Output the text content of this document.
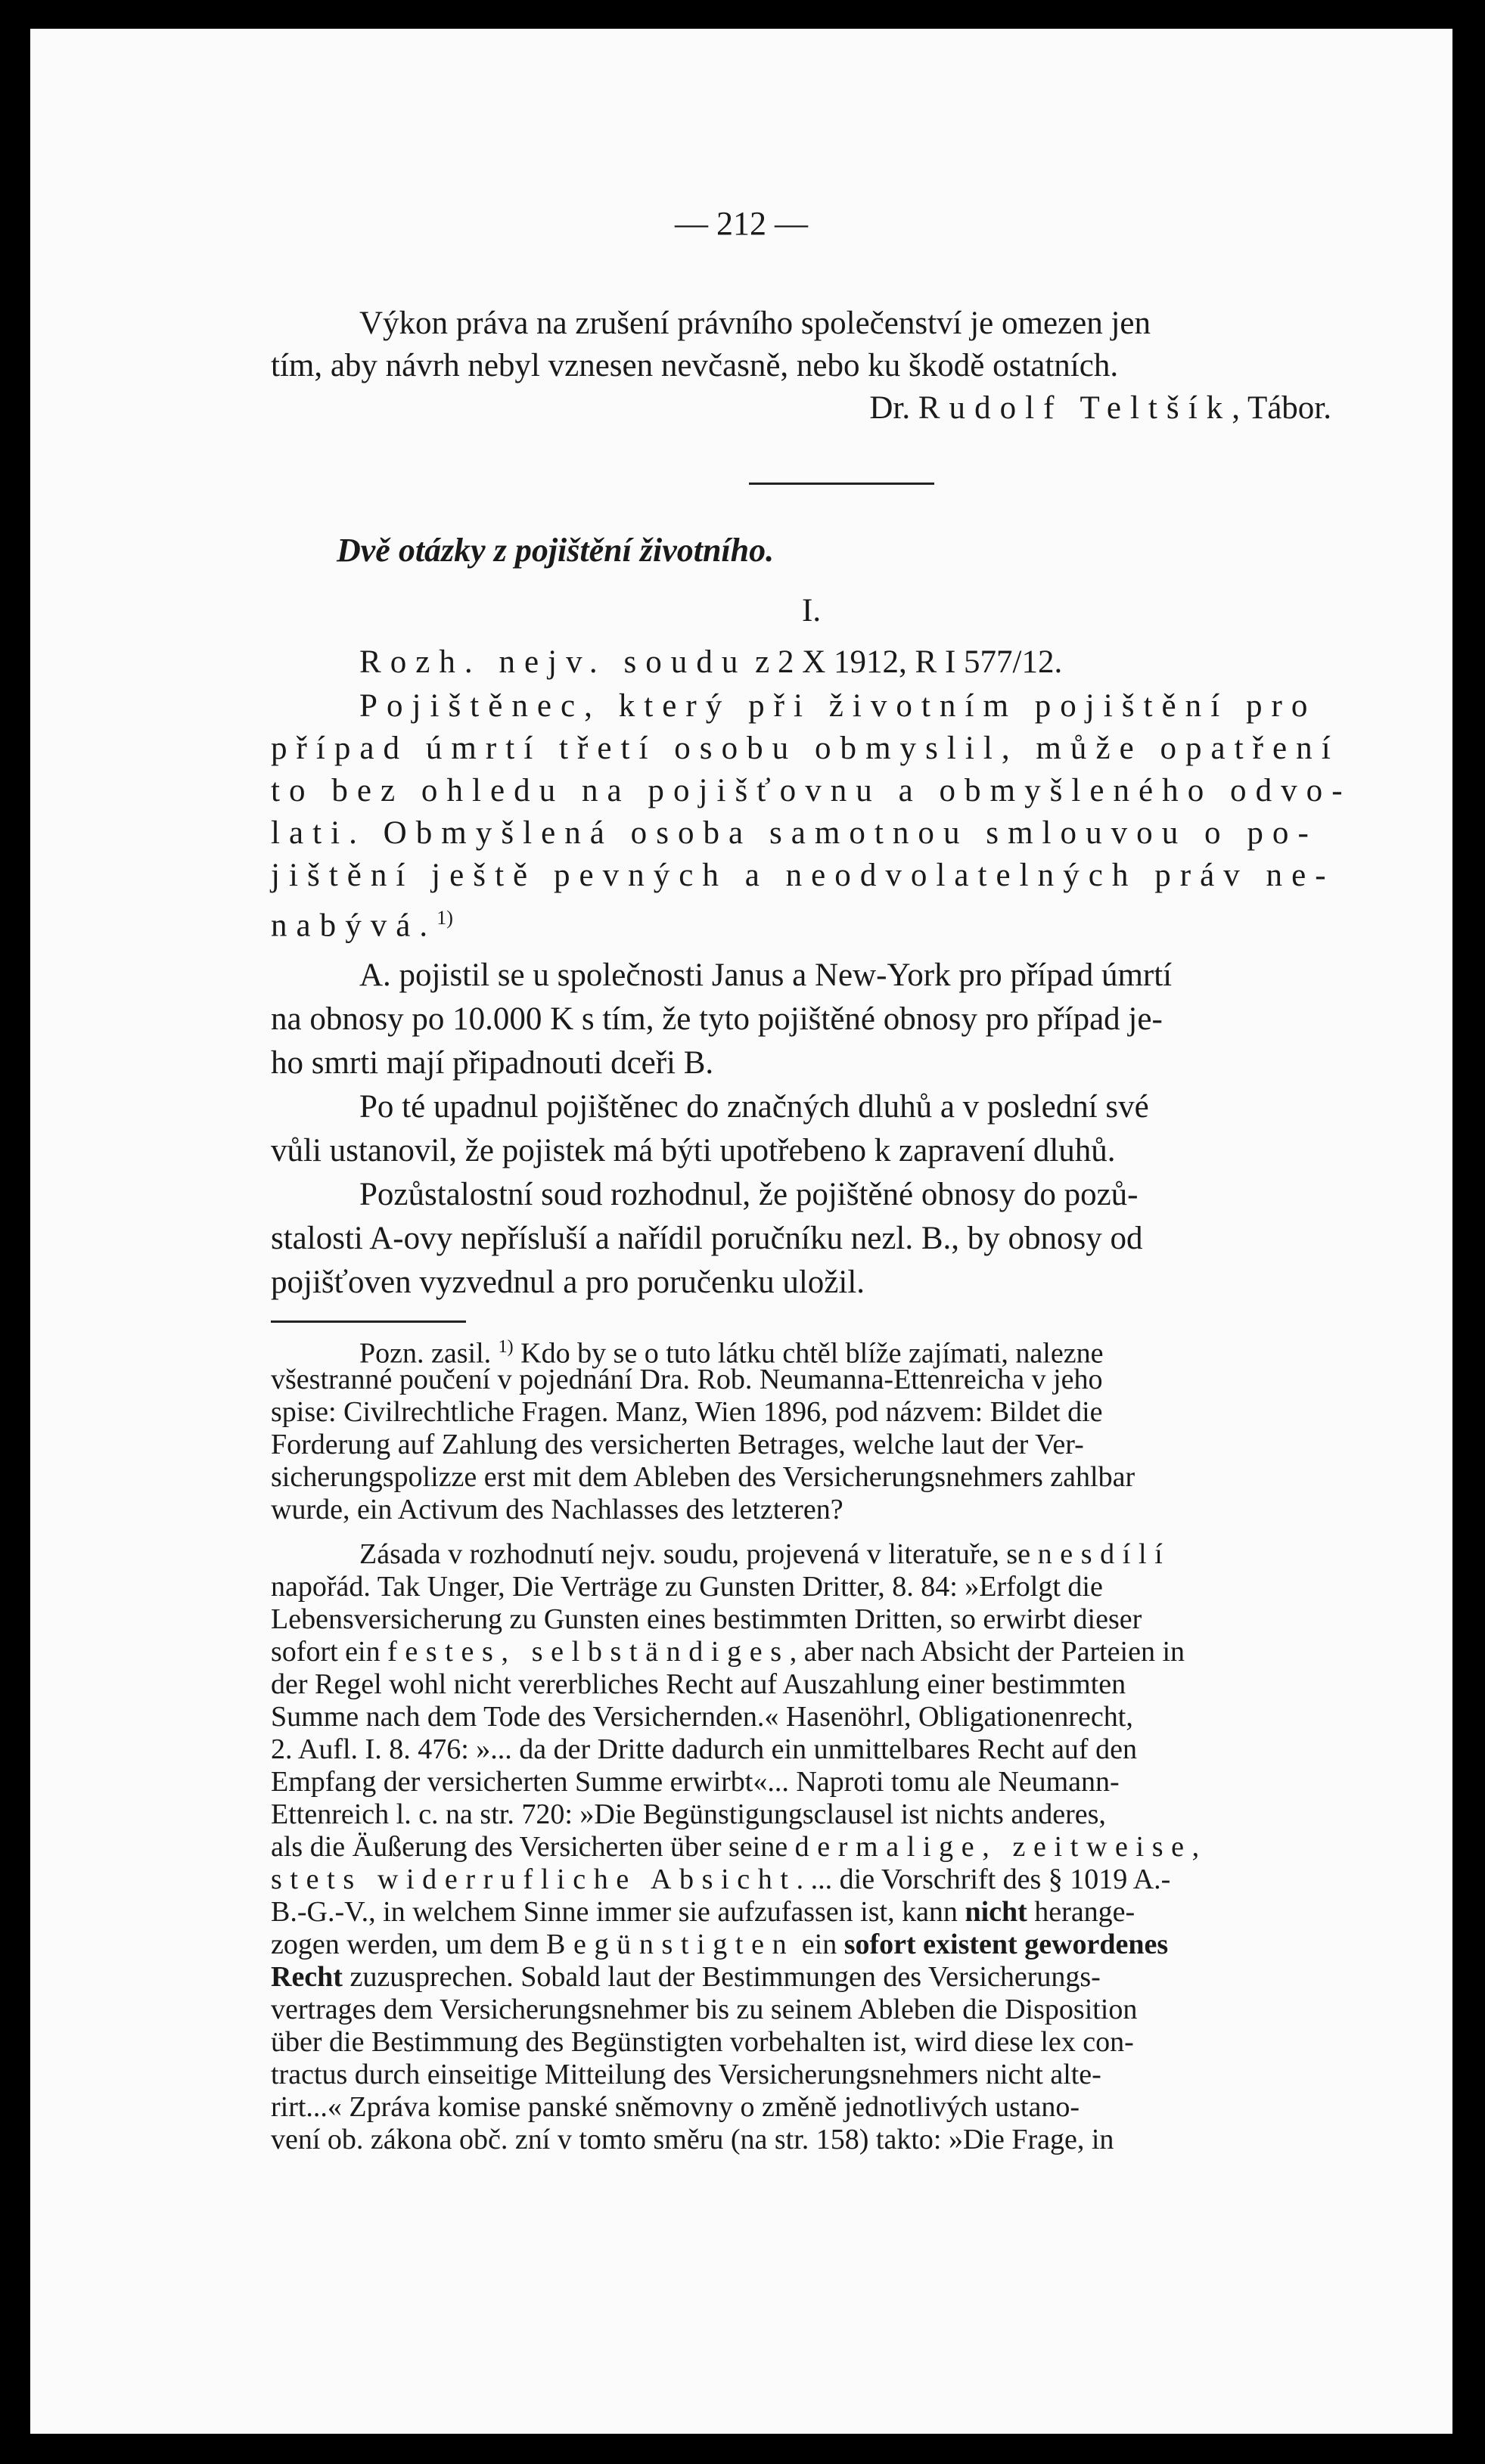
— 212 —
Výkon práva na zrušení právního společenství je omezen jen
tím, aby návrh nebyl vznesen nevčasně, nebo ku škodě ostatních.
Dr. Rudolf Teltšík, Tábor.
Dvě otázky z pojištění životního.
I.
Rozh. nejv. soudu z 2 X 1912, R I 577/12.
Pojištěnec, který při životním pojištění pro
případ úmrtí třetí osobu obmyslil, může opatření
to bez ohledu na pojišťovnu a obmyšleného odvo-
lati. Obmyšlená osoba samotnou smlouvou o po-
jištění ještě pevných a neodvolatelných práv ne-
nabývá.$^{1)}$
A. pojistil se u společnosti Janus a New-York pro případ úmrtí
na obnosy po 10.000 K s tím, že tyto pojištěné obnosy pro případ je-
ho smrti mají připadnouti dceři B.
Po té upadnul pojištěnec do značných dluhů a v poslední své
vůli ustanovil, že pojistek má býti upotřebeno k zapravení dluhů.
Pozůstalostní soud rozhodnul, že pojištěné obnosy do pozů-
stalosti A-ovy nepřísluší a nařídil poručníku nezl. B., by obnosy od
pojišťoven vyzvednul a pro poručenku uložil.
Pozn. zasil. $^{1)}$ Kdo by se o tuto látku chtěl blíže zajímati, nalezne
všestranné poučení v pojednání Dra. Rob. Neumanna-Ettenreicha v jeho
spise: Civilrechtliche Fragen. Manz, Wien 1896, pod názvem: Bildet die
Forderung auf Zahlung des versicherten Betrages, welche laut der Ver-
sicherungspolizze erst mit dem Ableben des Versicherungsnehmers zahlbar
wurde, ein Activum des Nachlasses des letzteren?
Zásada v rozhodnutí nejv. soudu, projevená v literatuře, se nesdílí
napořád. Tak Unger, Die Verträge zu Gunsten Dritter, 8. 84: »Erfolgt die
Lebensversicherung zu Gunsten eines bestimmten Dritten, so erwirbt dieser
sofort ein festes, selbständiges, aber nach Absicht der Parteien in
der Regel wohl nicht vererbliches Recht auf Auszahlung einer bestimmten
Summe nach dem Tode des Versichernden.« Hasenöhrl, Obligationenrecht,
2. Aufl. I. 8. 476: »... da der Dritte dadurch ein unmittelbares Recht auf den
Empfang der versicherten Summe erwirbt«... Naproti tomu ale Neumann-
Ettenreich l. c. na str. 720: »Die Begünstigungsclausel ist nichts anderes,
als die Äußerung des Versicherten über seine dermalige, zeitweise,
stets widerrufliche Absicht. ... die Vorschrift des § 1019 A.-
B.-G.-V., in welchem Sinne immer sie aufzufassen ist, kann nicht herange-
zogen werden, um dem Begünstigten ein sofort existent gewordenes
Recht zuzusprechen. Sobald laut der Bestimmungen des Versicherungs-
vertrages dem Versicherungsnehmer bis zu seinem Ableben die Disposition
über die Bestimmung des Begünstigten vorbehalten ist, wird diese lex con-
tractus durch einseitige Mitteilung des Versicherungsnehmers nicht alte-
rirt...« Zpráva komise panské sněmovny o změně jednotlivých ustano-
vení ob. zákona obč. zní v tomto směru (na str. 158) takto: »Die Frage, in
